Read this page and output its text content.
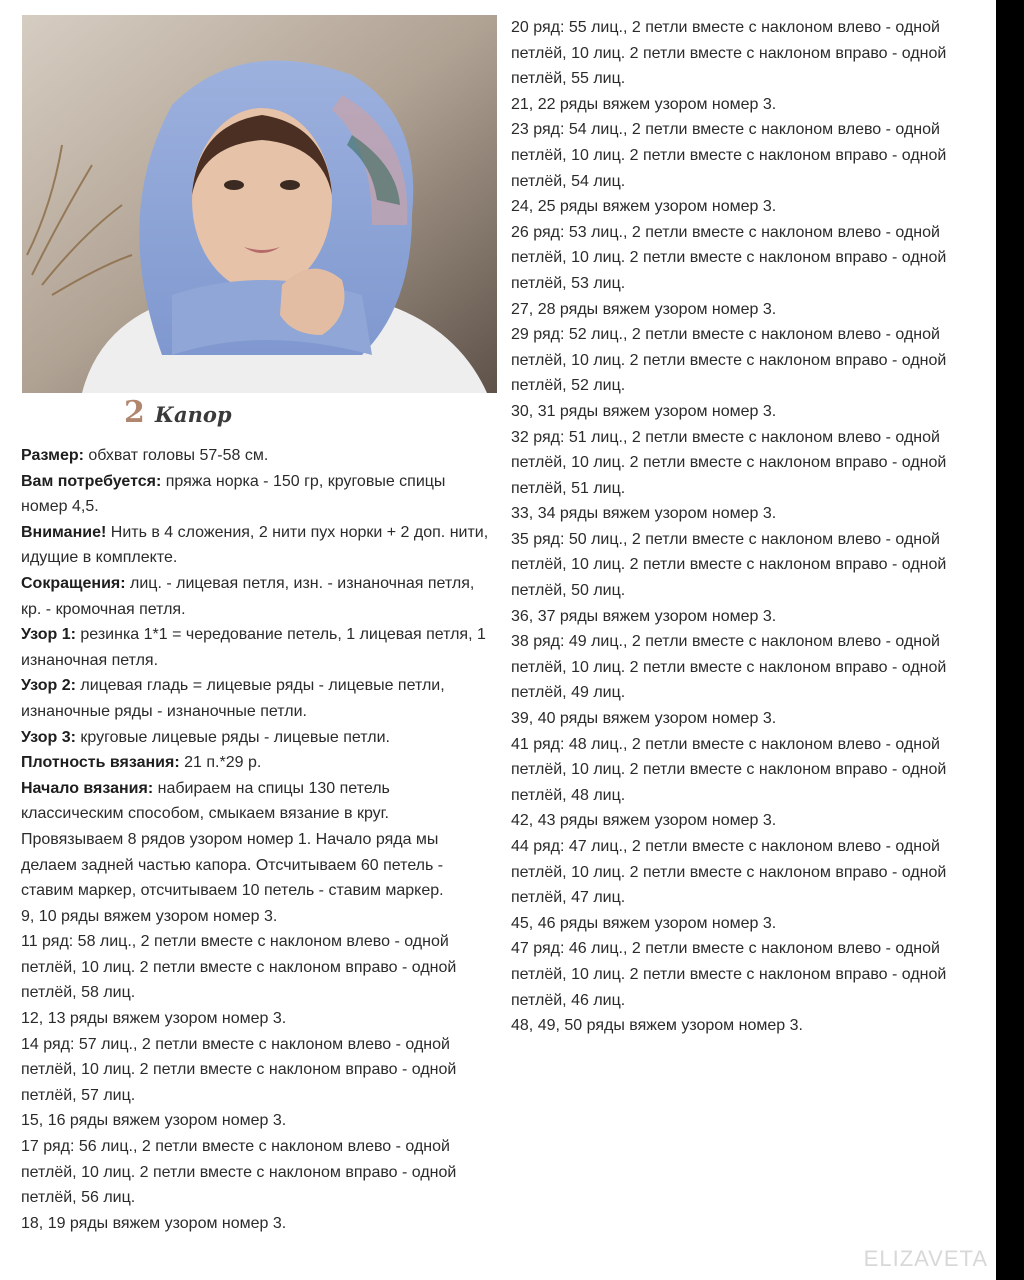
2 Капор

Размер: обхват головы 57-58 см.

Вам потребуется: пряжа норка - 150 гр, круговые спицы номер 4,5.

Внимание! Нить в 4 сложения, 2 нити пух норки + 2 доп. нити, идущие в комплекте.

Сокращения: лиц. - лицевая петля, изн. - изнаночная петля, кр. - кромочная петля.

Узор 1: резинка 1*1 = чередование петель, 1 лицевая петля, 1 изнаночная петля.

Узор 2: лицевая гладь = лицевые ряды - лицевые петли, изнаночные ряды - изнаночные петли.

Узор 3: круговые лицевые ряды - лицевые петли.

Плотность вязания: 21 п.*29 р.

Начало вязания: набираем на спицы 130 петель классическим способом, смыкаем вязание в круг. Провязываем 8 рядов узором номер 1. Начало ряда мы делаем задней частью капора. Отсчитываем 60 петель - ставим маркер, отсчитываем 10 петель - ставим маркер.

9, 10 ряды вяжем узором номер 3.

11 ряд: 58 лиц., 2 петли вместе с наклоном влево - одной петлёй, 10 лиц. 2 петли вместе с наклоном вправо - одной петлёй, 58 лиц.

12, 13 ряды вяжем узором номер 3.

14 ряд: 57 лиц., 2 петли вместе с наклоном влево - одной петлёй, 10 лиц. 2 петли вместе с наклоном вправо - одной петлёй, 57 лиц.

15, 16 ряды вяжем узором номер 3.

17 ряд: 56 лиц., 2 петли вместе с наклоном влево - одной петлёй, 10 лиц. 2 петли вместе с наклоном вправо - одной петлёй, 56 лиц.

18, 19 ряды вяжем узором номер 3.

20 ряд: 55 лиц., 2 петли вместе с наклоном влево - одной петлёй, 10 лиц. 2 петли вместе с наклоном вправо - одной петлёй, 55 лиц.

21, 22 ряды вяжем узором номер 3.

23 ряд: 54 лиц., 2 петли вместе с наклоном влево - одной петлёй, 10 лиц. 2 петли вместе с наклоном вправо - одной петлёй, 54 лиц.

24, 25 ряды вяжем узором номер 3.

26 ряд: 53 лиц., 2 петли вместе с наклоном влево - одной петлёй, 10 лиц. 2 петли вместе с наклоном вправо - одной петлёй, 53 лиц.

27, 28 ряды вяжем узором номер 3.

29 ряд: 52 лиц., 2 петли вместе с наклоном влево - одной петлёй, 10 лиц. 2 петли вместе с наклоном вправо - одной петлёй, 52 лиц.

30, 31 ряды вяжем узором номер 3.

32 ряд: 51 лиц., 2 петли вместе с наклоном влево - одной петлёй, 10 лиц. 2 петли вместе с наклоном вправо - одной петлёй, 51 лиц.

33, 34 ряды вяжем узором номер 3.

35 ряд: 50 лиц., 2 петли вместе с наклоном влево - одной петлёй, 10 лиц. 2 петли вместе с наклоном вправо - одной петлёй, 50 лиц.

36, 37 ряды вяжем узором номер 3.

38 ряд: 49 лиц., 2 петли вместе с наклоном влево - одной петлёй, 10 лиц. 2 петли вместе с наклоном вправо - одной петлёй, 49 лиц.

39, 40 ряды вяжем узором номер 3.

41 ряд: 48 лиц., 2 петли вместе с наклоном влево - одной петлёй, 10 лиц. 2 петли вместе с наклоном вправо - одной петлёй, 48 лиц.

42, 43 ряды вяжем узором номер 3.

44 ряд: 47 лиц., 2 петли вместе с наклоном влево - одной петлёй, 10 лиц. 2 петли вместе с наклоном вправо - одной петлёй, 47 лиц.

45, 46 ряды вяжем узором номер 3.

47 ряд: 46 лиц., 2 петли вместе с наклоном влево - одной петлёй, 10 лиц. 2 петли вместе с наклоном вправо - одной петлёй, 46 лиц.

48, 49, 50 ряды вяжем узором номер 3.

ELIZAVETA
